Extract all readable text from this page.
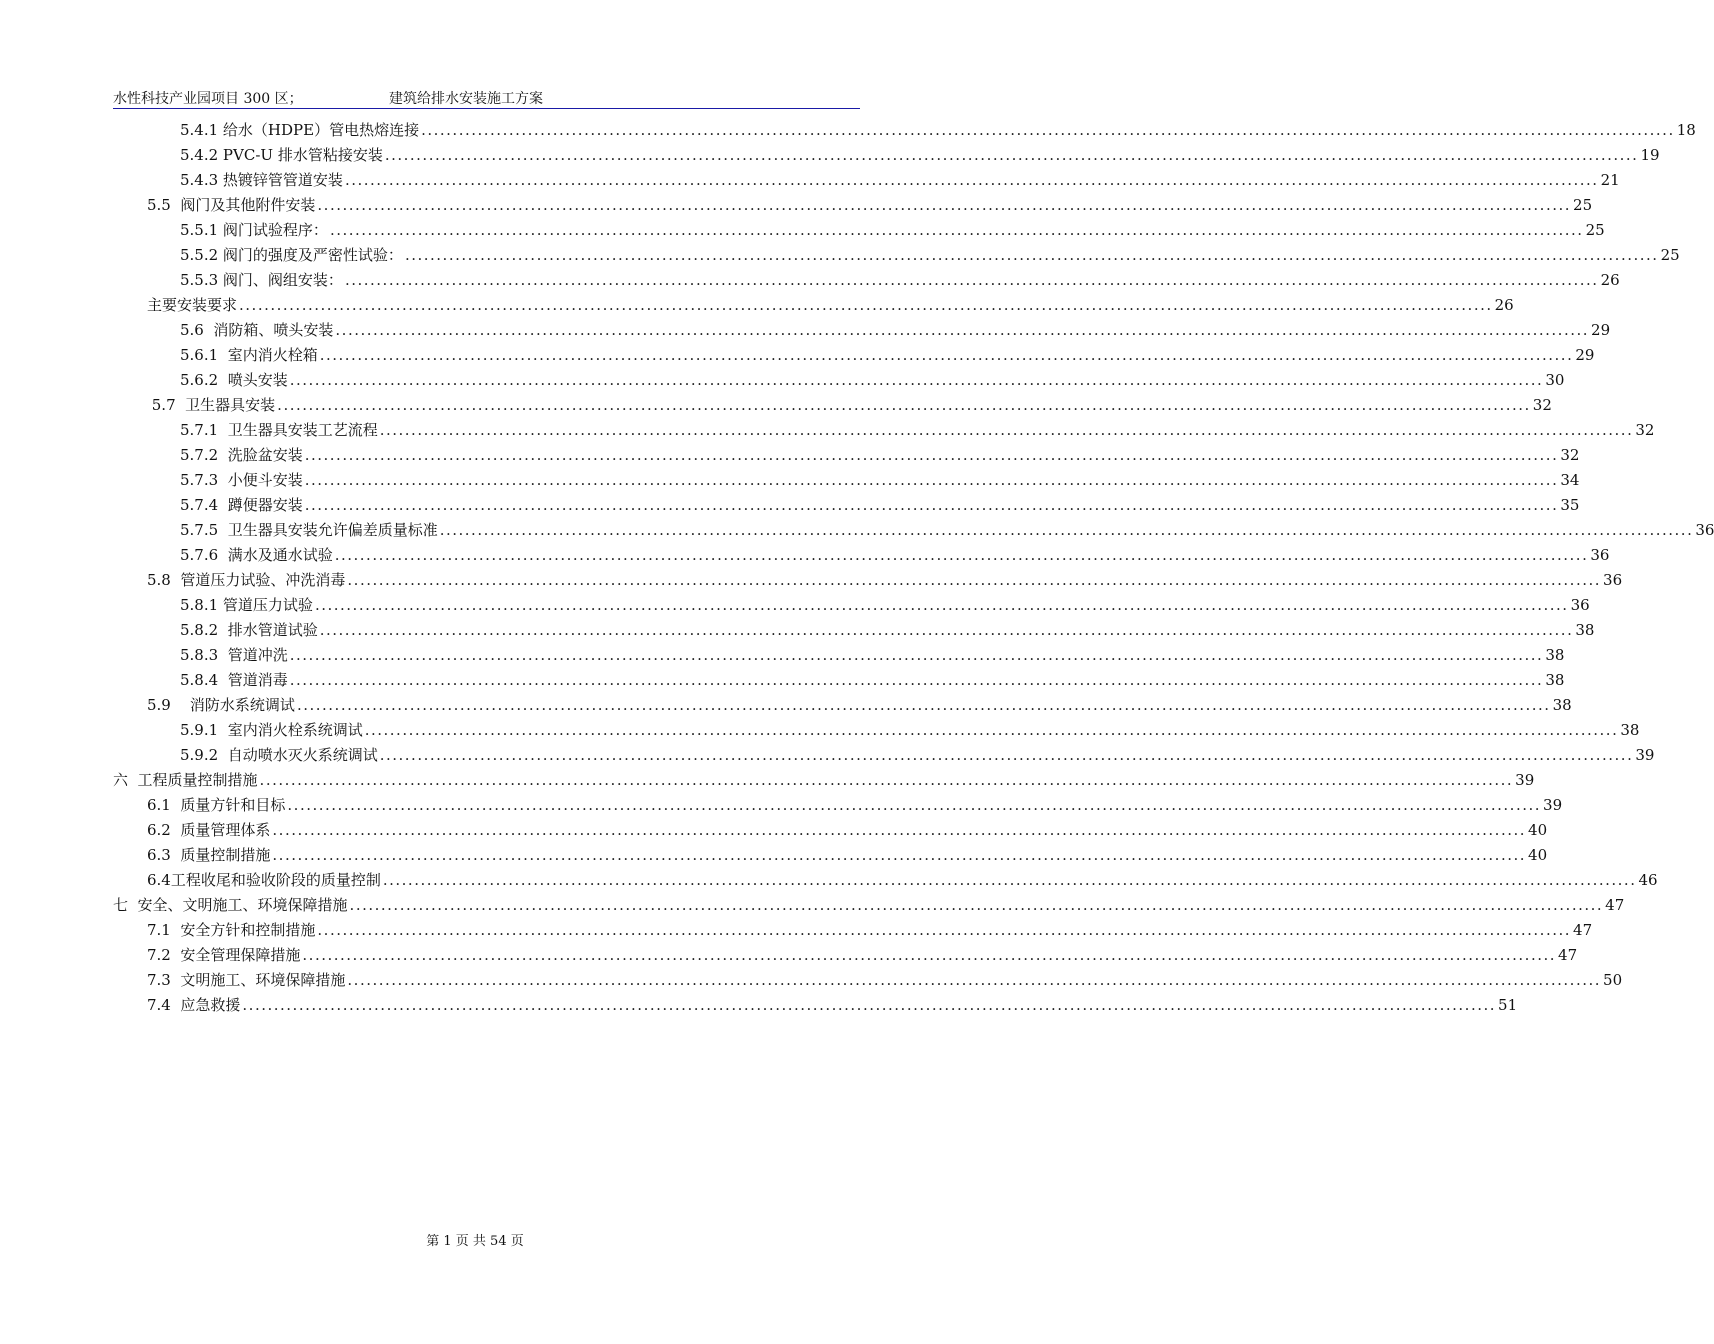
水性科技产业园项目 300 区；	建筑给排水安装施工方案
5.4.1 给水（HDPE）管电热熔连接 ........................................................................................................................................................................................................ 18
5.4.2 PVC-U 排水管粘接安装 ........................................................................................................................................................................................................ 19
5.4.3 热镀锌管管道安装 ........................................................................................................................................................................................................ 21
5.5  阀门及其他附件安装 ........................................................................................................................................................................................................ 25
5.5.1 阀门试验程序： ........................................................................................................................................................................................................ 25
5.5.2 阀门的强度及严密性试验： ........................................................................................................................................................................................................ 25
5.5.3 阀门、阀组安装： ........................................................................................................................................................................................................ 26
主要安装要求 ........................................................................................................................................................................................................ 26
5.6  消防箱、喷头安装 ........................................................................................................................................................................................................ 29
5.6.1  室内消火栓箱 ........................................................................................................................................................................................................ 29
5.6.2  喷头安装 ........................................................................................................................................................................................................ 30
5.7  卫生器具安装 ........................................................................................................................................................................................................ 32
5.7.1  卫生器具安装工艺流程 ........................................................................................................................................................................................................ 32
5.7.2  洗脸盆安装 ........................................................................................................................................................................................................ 32
5.7.3  小便斗安装 ........................................................................................................................................................................................................ 34
5.7.4  蹲便器安装 ........................................................................................................................................................................................................ 35
5.7.5  卫生器具安装允许偏差质量标准 ........................................................................................................................................................................................................ 36
5.7.6  满水及通水试验 ........................................................................................................................................................................................................ 36
5.8  管道压力试验、冲洗消毒 ........................................................................................................................................................................................................ 36
5.8.1 管道压力试验 ........................................................................................................................................................................................................ 36
5.8.2  排水管道试验 ........................................................................................................................................................................................................ 38
5.8.3  管道冲洗 ........................................................................................................................................................................................................ 38
5.8.4  管道消毒 ........................................................................................................................................................................................................ 38
5.9    消防水系统调试 ........................................................................................................................................................................................................ 38
5.9.1  室内消火栓系统调试 ........................................................................................................................................................................................................ 38
5.9.2  自动喷水灭火系统调试 ........................................................................................................................................................................................................ 39
六  工程质量控制措施 ........................................................................................................................................................................................................ 39
6.1  质量方针和目标 ........................................................................................................................................................................................................ 39
6.2  质量管理体系 ........................................................................................................................................................................................................ 40
6.3  质量控制措施 ........................................................................................................................................................................................................ 40
6.4工程收尾和验收阶段的质量控制 ........................................................................................................................................................................................................ 46
七  安全、文明施工、环境保障措施 ........................................................................................................................................................................................................ 47
7.1  安全方针和控制措施 ........................................................................................................................................................................................................ 47
7.2  安全管理保障措施 ........................................................................................................................................................................................................ 47
7.3  文明施工、环境保障措施 ........................................................................................................................................................................................................ 50
7.4  应急救援 ........................................................................................................................................................................................................ 51
第 1 页 共 54 页
